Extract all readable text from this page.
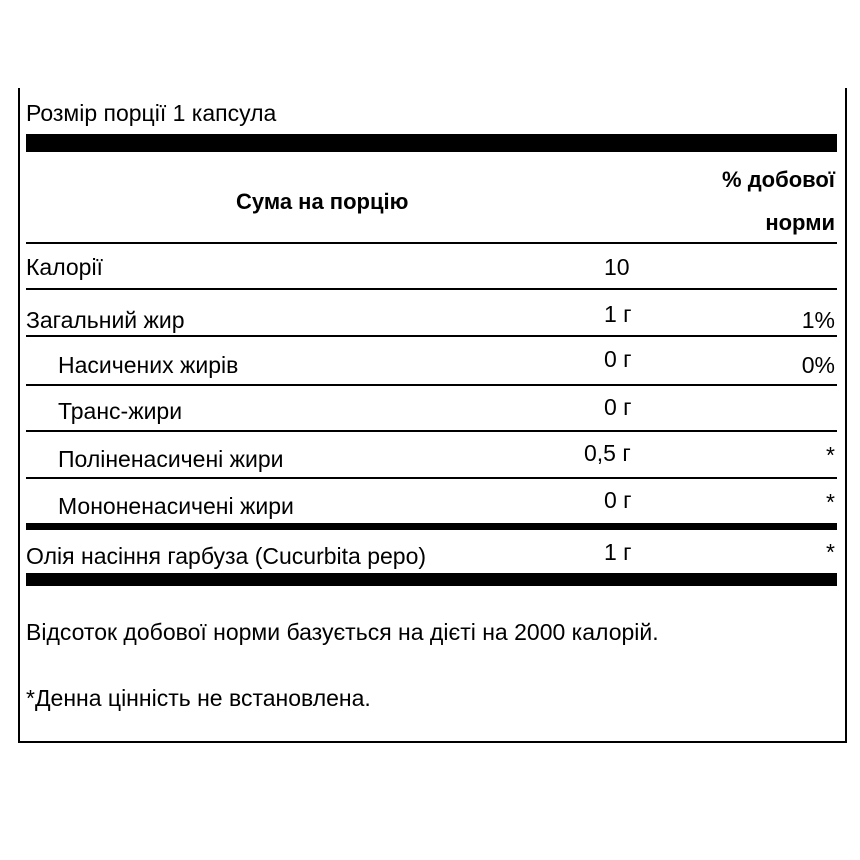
Розмір порції 1 капсула
Сума на порцію
% добової
норми
Калорії	10
Загальний жир	1 г	1%
Насичених жирів	0 г	0%
Транс-жири	0 г
Поліненасичені жири	0,5 г	*
Мононенасичені жири	0 г	*
Олія насіння гарбуза (Cucurbita pepo)	1 г	*
Відсоток добової норми базується на дієті на 2000 калорій.
*Денна цінність не встановлена.
